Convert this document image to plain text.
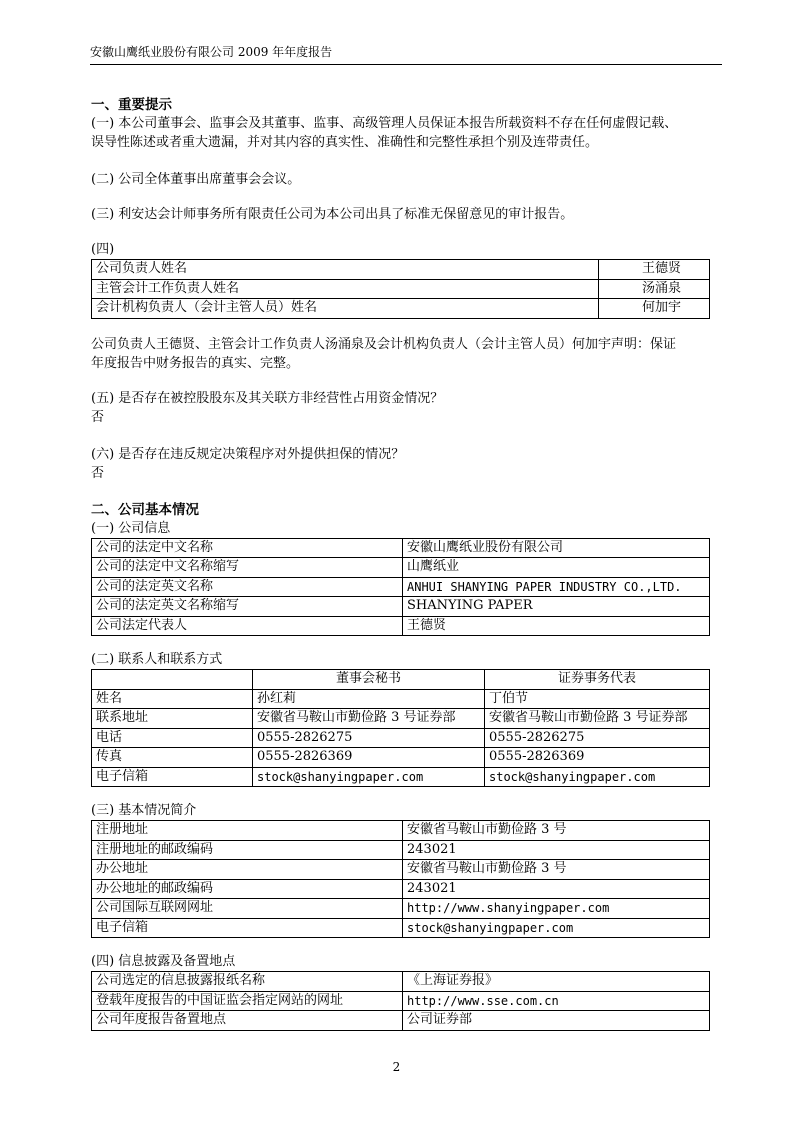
安徽山鹰纸业股份有限公司 2009 年年度报告
一、重要提示

(一) 本公司董事会、监事会及其董事、监事、高级管理人员保证本报告所载资料不存在任何虚假记载、

误导性陈述或者重大遗漏，并对其内容的真实性、准确性和完整性承担个别及连带责任。

(二) 公司全体董事出席董事会会议。

(三) 利安达会计师事务所有限责任公司为本公司出具了标准无保留意见的审计报告。

(四)

公司负责人姓名	王德贤
主管会计工作负责人姓名	汤涌泉
会计机构负责人（会计主管人员）姓名	何加宇

公司负责人王德贤、主管会计工作负责人汤涌泉及会计机构负责人（会计主管人员）何加宇声明：保证

年度报告中财务报告的真实、完整。

(五) 是否存在被控股股东及其关联方非经营性占用资金情况？

否

(六) 是否存在违反规定决策程序对外提供担保的情况？

否

二、公司基本情况

(一) 公司信息

公司的法定中文名称	安徽山鹰纸业股份有限公司
公司的法定中文名称缩写	山鹰纸业
公司的法定英文名称	ANHUI SHANYING PAPER INDUSTRY CO.,LTD.
公司的法定英文名称缩写	SHANYING PAPER
公司法定代表人	王德贤

(二) 联系人和联系方式

	董事会秘书	证券事务代表
姓名	孙红莉	丁伯节
联系地址	安徽省马鞍山市勤俭路 3 号证券部	安徽省马鞍山市勤俭路 3 号证券部
电话	0555-2826275	0555-2826275
传真	0555-2826369	0555-2826369
电子信箱	stock@shanyingpaper.com	stock@shanyingpaper.com

(三) 基本情况简介

注册地址	安徽省马鞍山市勤俭路 3 号
注册地址的邮政编码	243021
办公地址	安徽省马鞍山市勤俭路 3 号
办公地址的邮政编码	243021
公司国际互联网网址	http://www.shanyingpaper.com
电子信箱	stock@shanyingpaper.com

(四) 信息披露及备置地点

公司选定的信息披露报纸名称	《上海证券报》
登载年度报告的中国证监会指定网站的网址	http://www.sse.com.cn
公司年度报告备置地点	公司证券部
2
